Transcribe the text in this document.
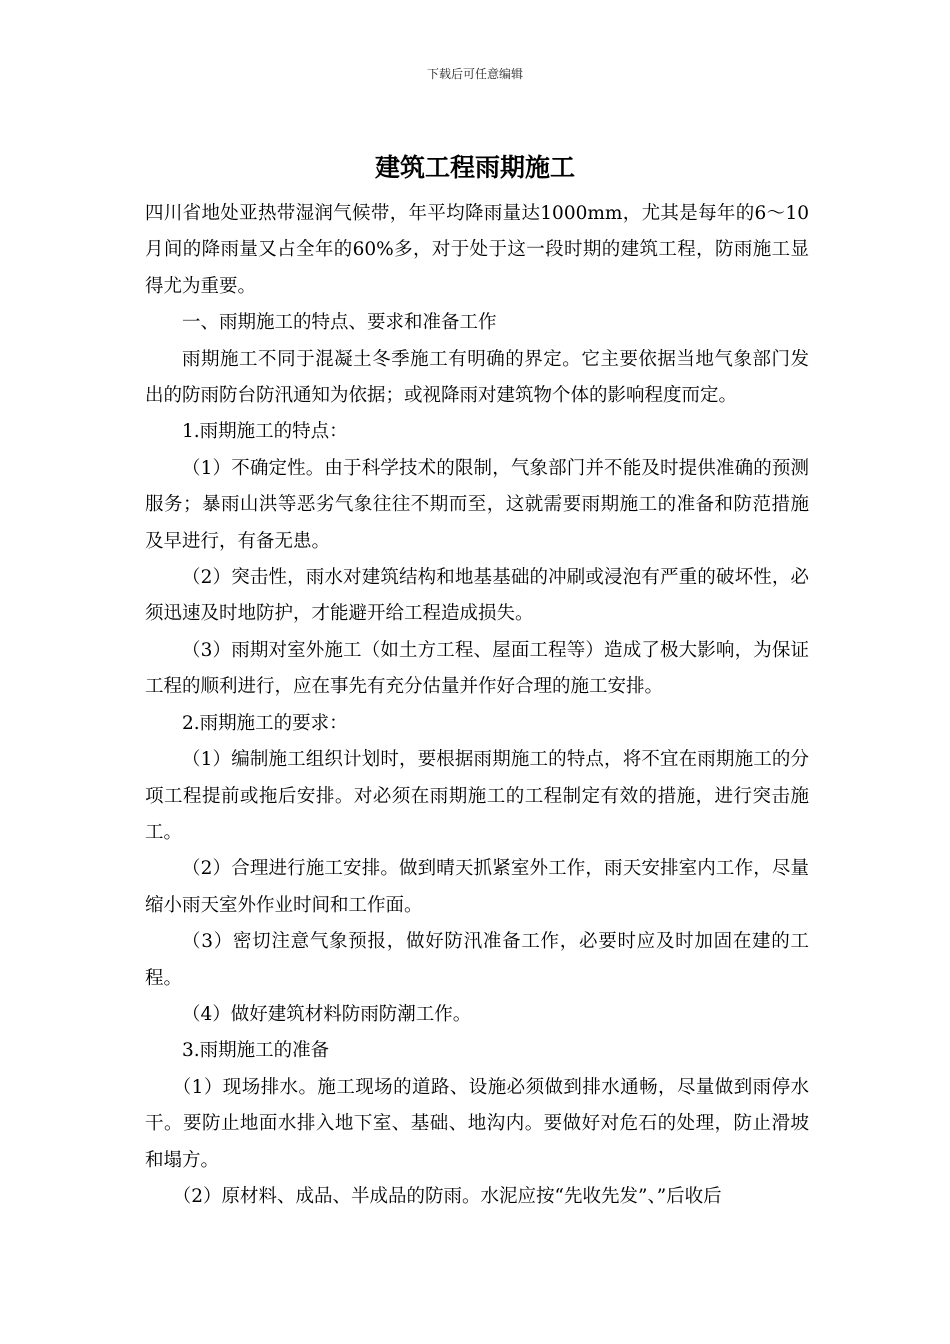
下载后可任意编辑
建筑工程雨期施工

四川省地处亚热带湿润气候带，年平均降雨量达1000mm，尤其是每年的6～10月间的降雨量又占全年的60%多，对于处于这一段时期的建筑工程，防雨施工显得尤为重要。

一、雨期施工的特点、要求和准备工作

雨期施工不同于混凝土冬季施工有明确的界定。它主要依据当地气象部门发出的防雨防台防汛通知为依据；或视降雨对建筑物个体的影响程度而定。

1.雨期施工的特点：

（1）不确定性。由于科学技术的限制，气象部门并不能及时提供准确的预测服务；暴雨山洪等恶劣气象往往不期而至，这就需要雨期施工的准备和防范措施及早进行，有备无患。

（2）突击性，雨水对建筑结构和地基基础的冲刷或浸泡有严重的破坏性，必须迅速及时地防护，才能避开给工程造成损失。

（3）雨期对室外施工（如土方工程、屋面工程等）造成了极大影响，为保证工程的顺利进行，应在事先有充分估量并作好合理的施工安排。

2.雨期施工的要求：

（1）编制施工组织计划时，要根据雨期施工的特点，将不宜在雨期施工的分项工程提前或拖后安排。对必须在雨期施工的工程制定有效的措施，进行突击施工。

（2）合理进行施工安排。做到晴天抓紧室外工作，雨天安排室内工作，尽量缩小雨天室外作业时间和工作面。

（3）密切注意气象预报，做好防汛准备工作，必要时应及时加固在建的工程。

（4）做好建筑材料防雨防潮工作。

3.雨期施工的准备

（1）现场排水。施工现场的道路、设施必须做到排水通畅，尽量做到雨停水干。要防止地面水排入地下室、基础、地沟内。要做好对危石的处理，防止滑坡和塌方。

（2）原材料、成品、半成品的防雨。水泥应按“先收先发”、”后收后
